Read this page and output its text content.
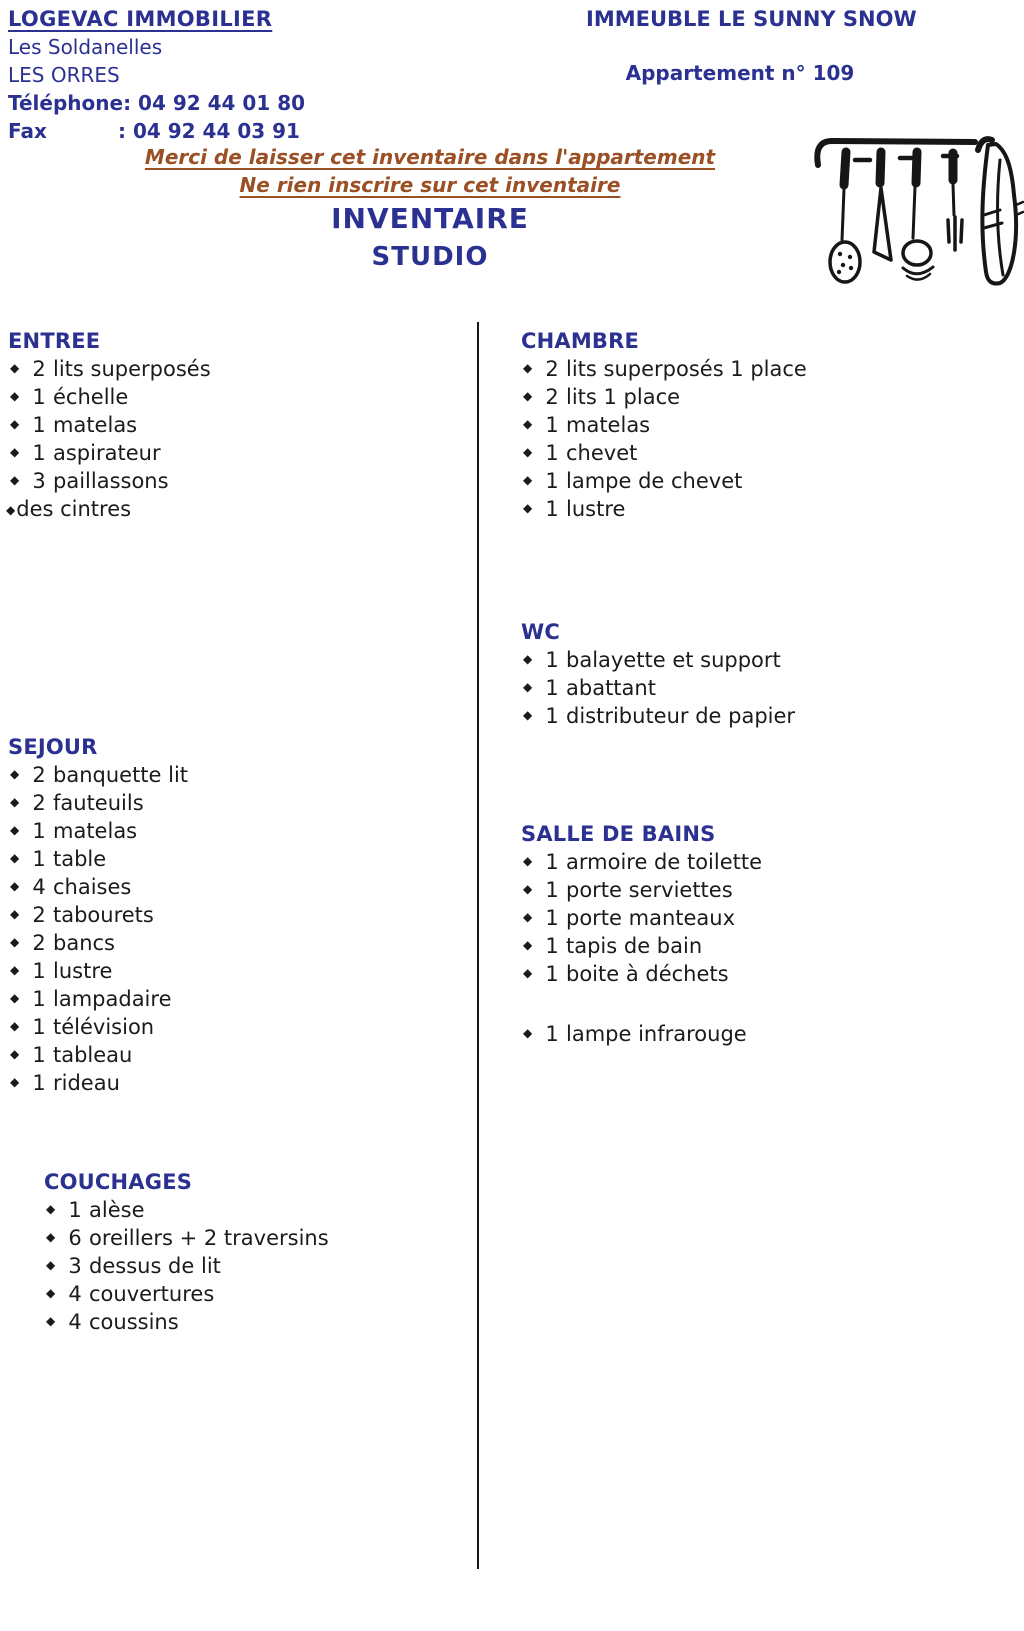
LOGEVAC IMMOBILIER
Les Soldanelles
LES ORRES
Téléphone: 04 92 44 01 80
Fax	: 04 92 44 03 91
IMMEUBLE LE SUNNY SNOW
Appartement n° 109
Merci de laisser cet inventaire dans l'appartement
Ne rien inscrire sur cet inventaire
INVENTAIRE
STUDIO
ENTREE
◆ 2 lits superposés
◆ 1 échelle
◆ 1 matelas
◆ 1 aspirateur
◆ 3 paillassons
◆des cintres
CHAMBRE
◆ 2 lits superposés 1 place
◆ 2 lits 1 place
◆ 1 matelas
◆ 1 chevet
◆ 1 lampe de chevet
◆ 1 lustre
WC
◆ 1 balayette et support
◆ 1 abattant
◆ 1 distributeur de papier
SEJOUR
◆ 2 banquette lit
◆ 2 fauteuils
◆ 1 matelas
◆ 1 table
◆ 4 chaises
◆ 2 tabourets
◆ 2 bancs
◆ 1 lustre
◆ 1 lampadaire
◆ 1 télévision
◆ 1 tableau
◆ 1 rideau
SALLE DE BAINS
◆ 1 armoire de toilette
◆ 1 porte serviettes
◆ 1 porte manteaux
◆ 1 tapis de bain
◆ 1 boite à déchets
◆ 1 lampe infrarouge
COUCHAGES
◆ 1 alèse
◆ 6 oreillers + 2 traversins
◆ 3 dessus de lit
◆ 4 couvertures
◆ 4 coussins
